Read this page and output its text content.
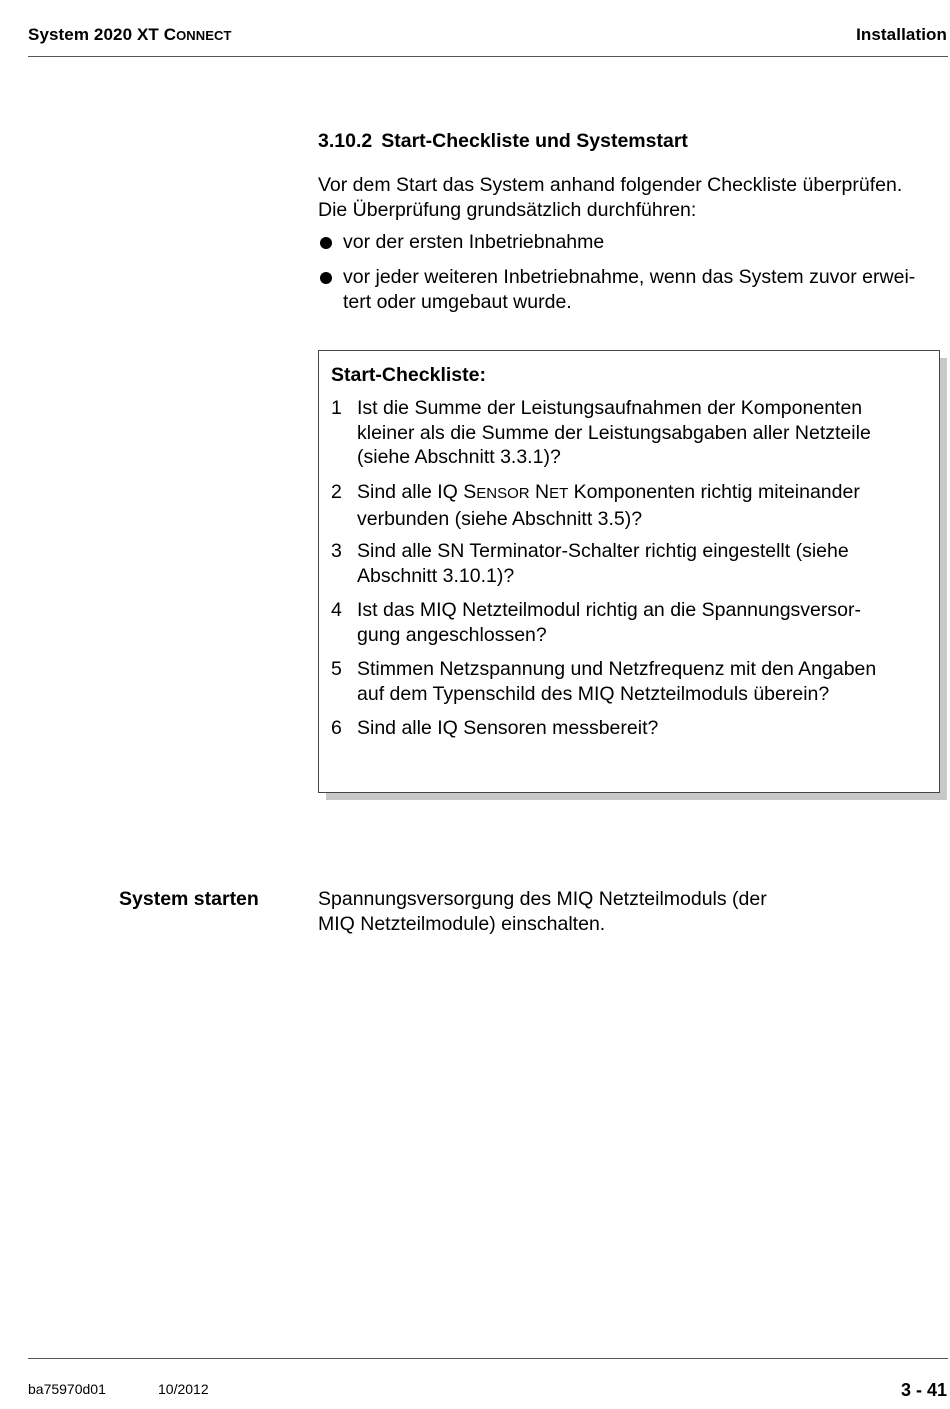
System 2020 XT CONNECT	Installation
3.10.2 Start-Checkliste und Systemstart
Vor dem Start das System anhand folgender Checkliste überprüfen.
Die Überprüfung grundsätzlich durchführen:
vor der ersten Inbetriebnahme
vor jeder weiteren Inbetriebnahme, wenn das System zuvor erwei-
tert oder umgebaut wurde.
Start-Checkliste:
1 Ist die Summe der Leistungsaufnahmen der Komponenten
kleiner als die Summe der Leistungsabgaben aller Netzteile
(siehe Abschnitt 3.3.1)?
2 Sind alle IQ SENSOR NET Komponenten richtig miteinander
verbunden (siehe Abschnitt 3.5)?
3 Sind alle SN Terminator-Schalter richtig eingestellt (siehe
Abschnitt 3.10.1)?
4 Ist das MIQ Netzteilmodul richtig an die Spannungsversor-
gung angeschlossen?
5 Stimmen Netzspannung und Netzfrequenz mit den Angaben
auf dem Typenschild des MIQ Netzteilmoduls überein?
6 Sind alle IQ Sensoren messbereit?
System starten	Spannungsversorgung des MIQ Netzteilmoduls (der
MIQ Netzteilmodule) einschalten.
ba75970d01	10/2012	3 - 41
